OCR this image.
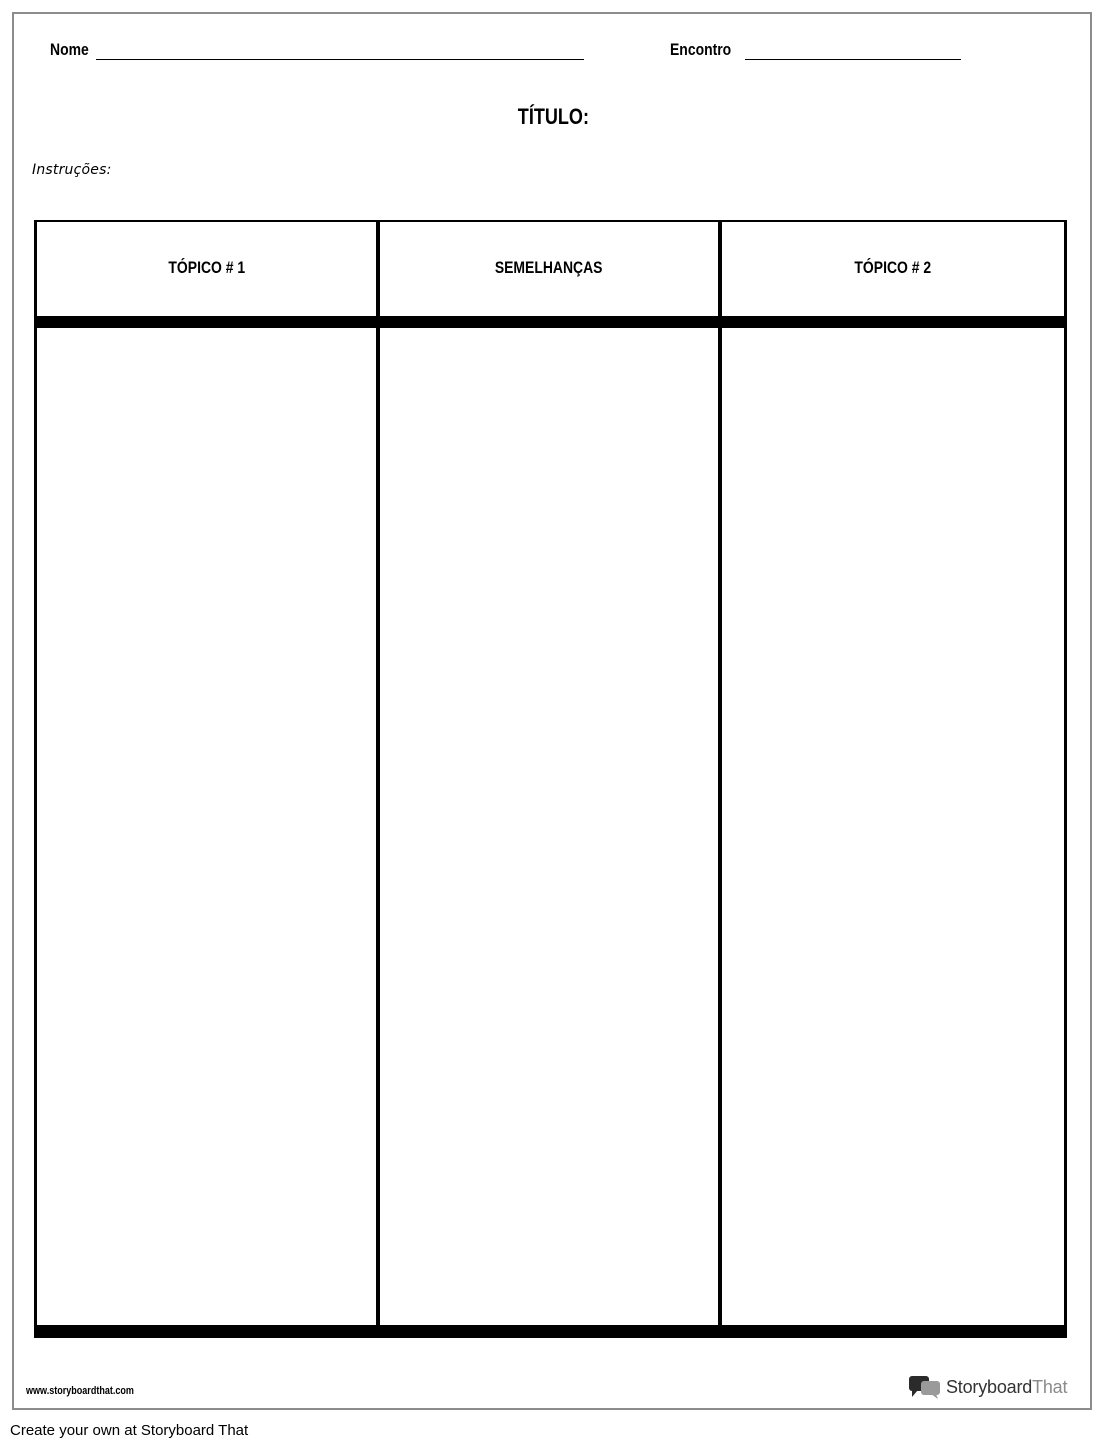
Nome	Encontro
TÍTULO:
Instruções:
TÓPICO # 1	SEMELHANÇAS	TÓPICO # 2
www.storyboardthat.com	StoryboardThat
Create your own at Storyboard That
